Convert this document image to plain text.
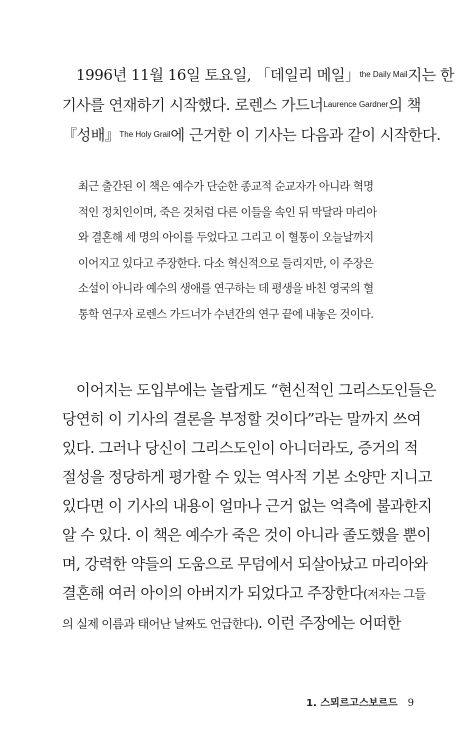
1996년 11월 16일 토요일, 「데일리 메일」$^{the Daily Mail}$지는 한
기사를 연재하기 시작했다. 로렌스 가드너$^{Laurence Gardner}$의 책
『성배』$^{The Holy Grail}$에 근거한 이 기사는 다음과 같이 시작한다.

최근 출간된 이 책은 예수가 단순한 종교적 순교자가 아니라 혁명
적인 정치인이며, 죽은 것처럼 다른 이들을 속인 뒤 막달라 마리아
와 결혼해 세 명의 아이를 두었다고 그리고 이 혈통이 오늘날까지
이어지고 있다고 주장한다. 다소 혁신적으로 들리지만, 이 주장은
소설이 아니라 예수의 생애를 연구하는 데 평생을 바친 영국의 혈
통학 연구자 로렌스 가드너가 수년간의 연구 끝에 내놓은 것이다.

이어지는 도입부에는 놀랍게도 “현신적인 그리스도인들은
당연히 이 기사의 결론을 부정할 것이다”라는 말까지 쓰여
있다. 그러나 당신이 그리스도인이 아니더라도, 증거의 적
절성을 정당하게 평가할 수 있는 역사적 기본 소양만 지니고
있다면 이 기사의 내용이 얼마나 근거 없는 억측에 불과한지
알 수 있다. 이 책은 예수가 죽은 것이 아니라 졸도했을 뿐이
며, 강력한 약들의 도움으로 무덤에서 되살아났고 마리아와
결혼해 여러 아이의 아버지가 되었다고 주장한다(저자는 그들
의 실제 이름과 태어난 날짜도 언급한다). 이런 주장에는 어떠한

1. 스뫼르고스보르드 9
